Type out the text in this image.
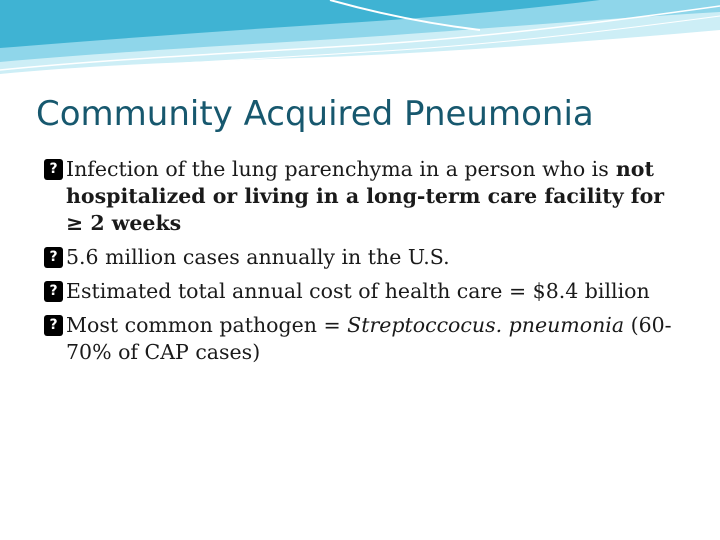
Community Acquired Pneumonia
? Infection of the lung parenchyma in a person who is not hospitalized or living in a long-term care facility for ≥ 2 weeks
? 5.6 million cases annually in the U.S.
? Estimated total annual cost of health care = $8.4 billion
? Most common pathogen = Streptoccocus. pneumonia (60-70% of CAP cases)
